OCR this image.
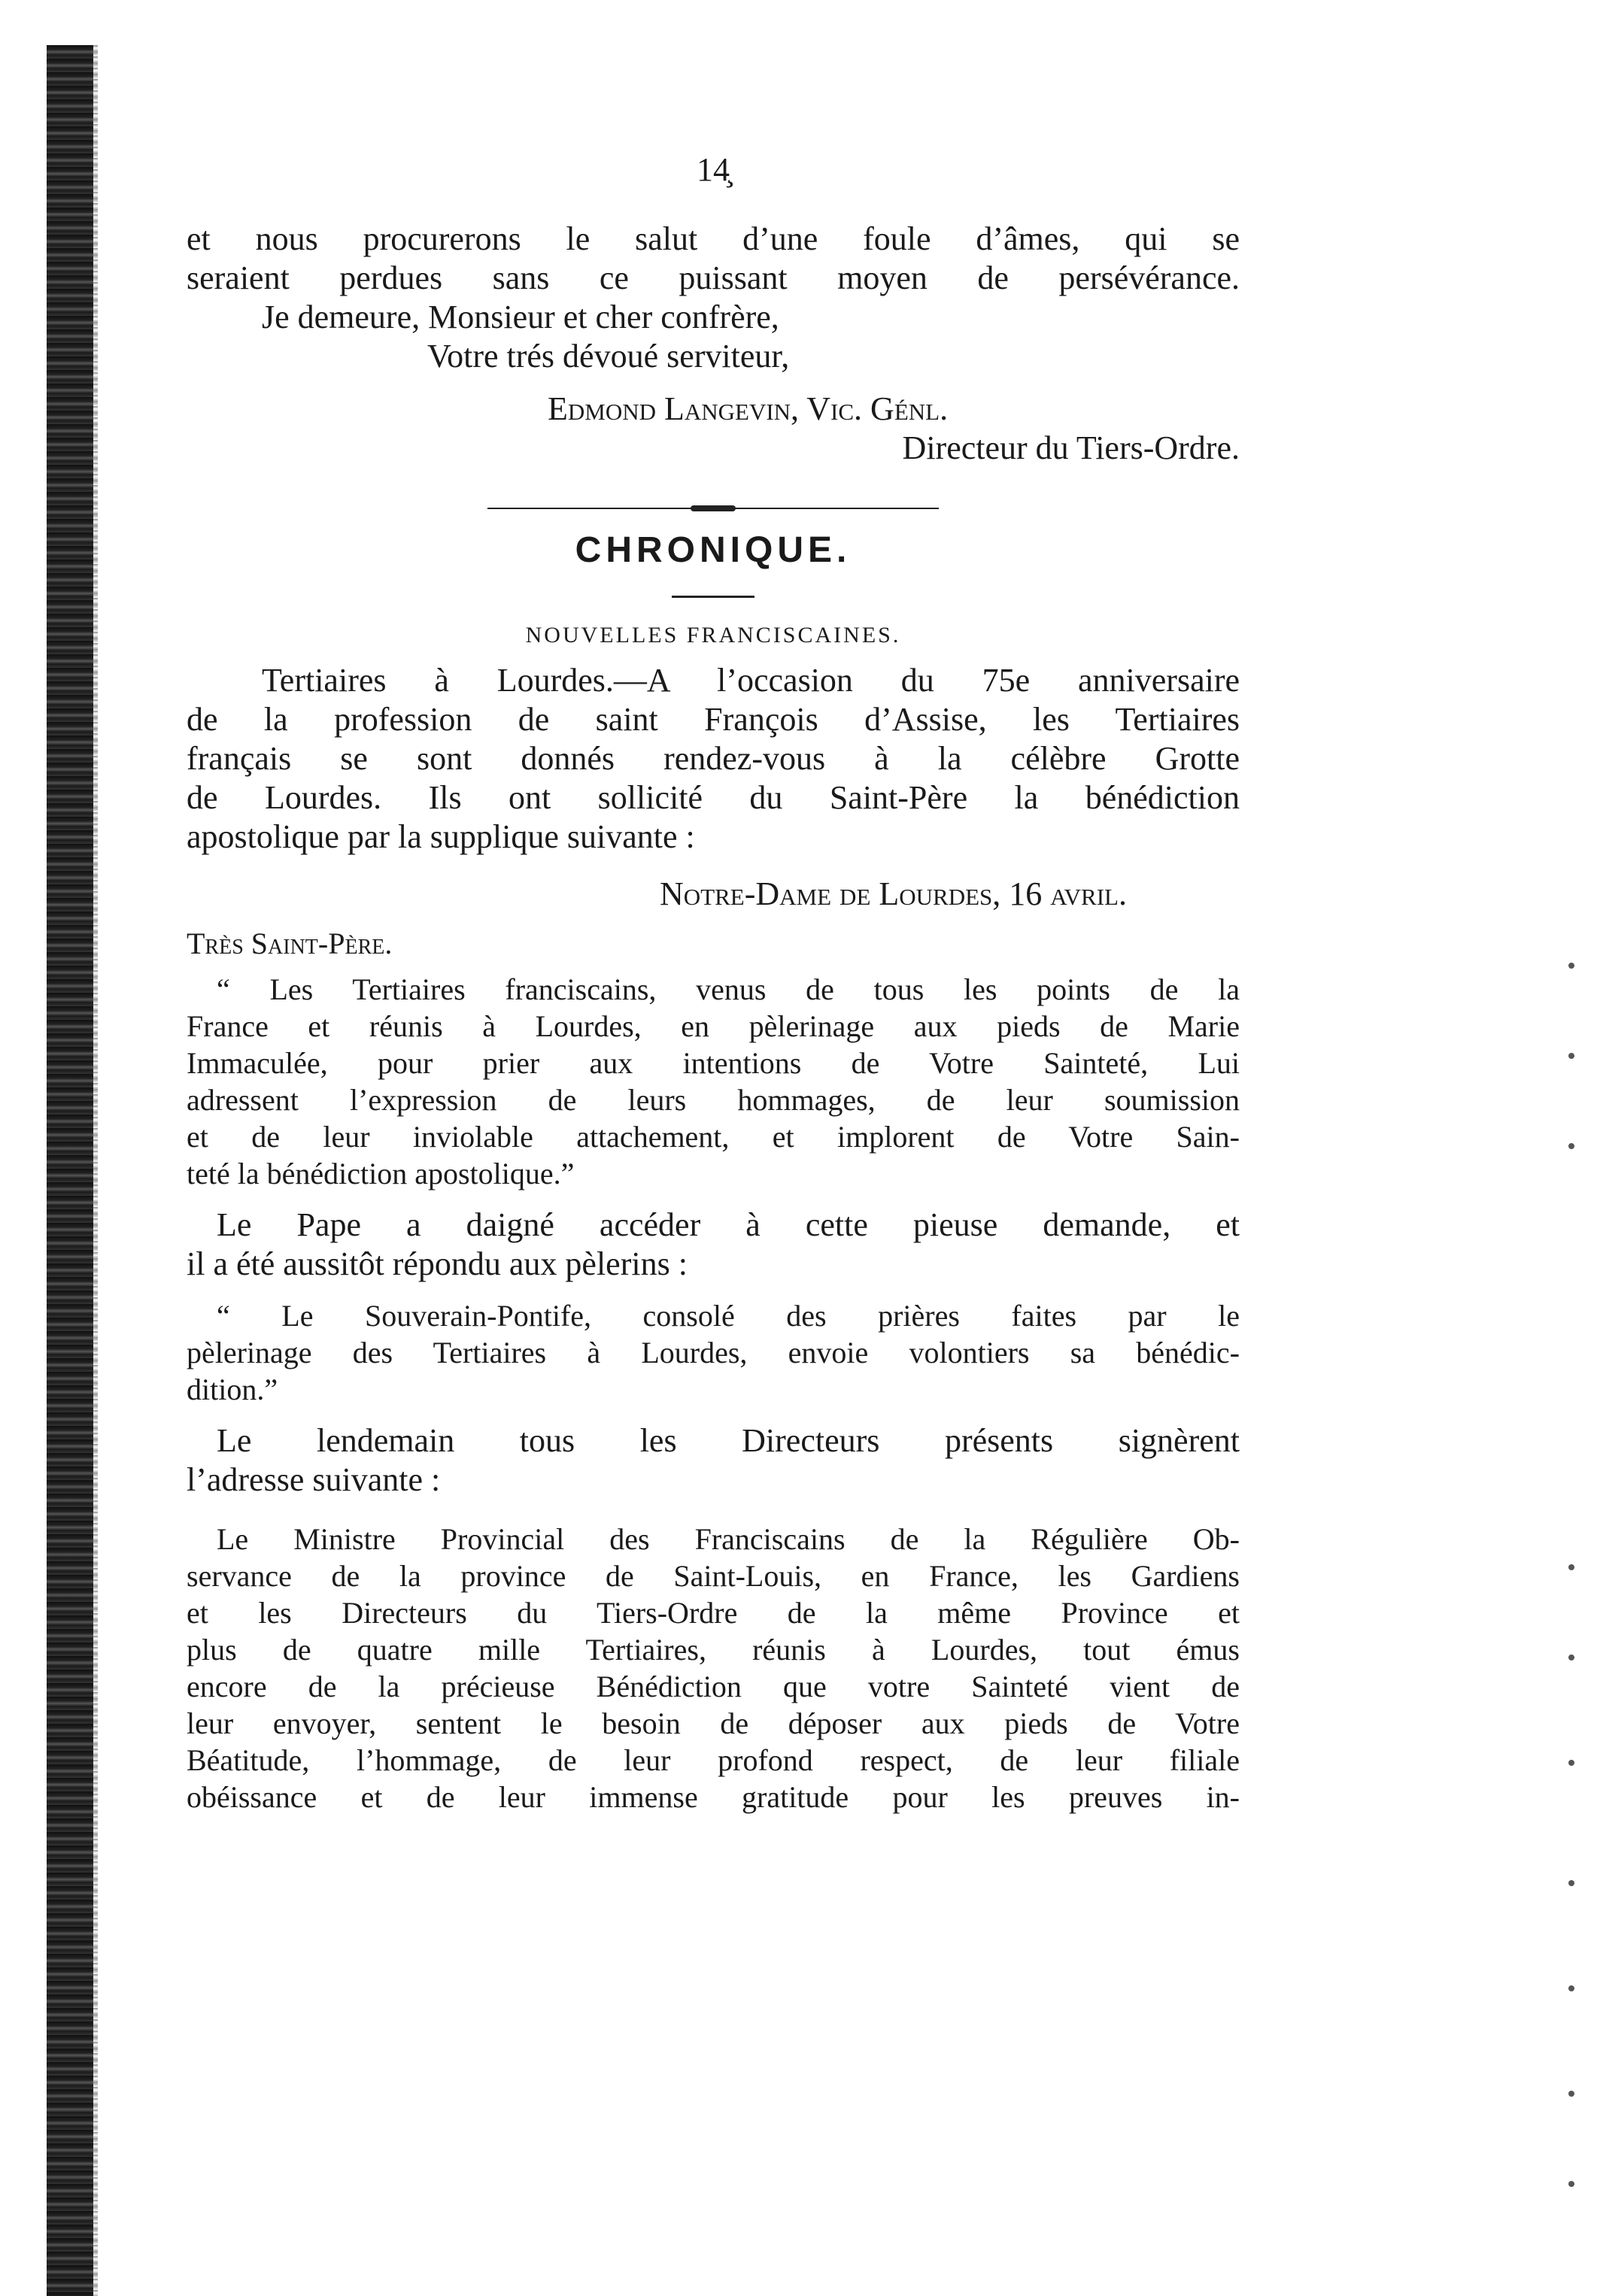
14̧
et nous procurerons le salut d’une foule d’âmes, qui se
seraient perdues sans ce puissant moyen de persévérance.
Je demeure, Monsieur et cher confrère,
Votre trés dévoué serviteur,
Edmond Langevin, Vic. Génl.
Directeur du Tiers-Ordre.
CHRONIQUE.
NOUVELLES FRANCISCAINES.
Tertiaires à Lourdes.—A l’occasion du 75e anniversaire
de la profession de saint François d’Assise, les Tertiaires
français se sont donnés rendez-vous à la célèbre Grotte
de Lourdes. Ils ont sollicité du Saint-Père la bénédiction
apostolique par la supplique suivante :
Notre-Dame de Lourdes, 16 avril.
Très Saint-Père.
“ Les Tertiaires franciscains, venus de tous les points de la
France et réunis à Lourdes, en pèlerinage aux pieds de Marie
Immaculée, pour prier aux intentions de Votre Sainteté, Lui
adressent l’expression de leurs hommages, de leur soumission
et de leur inviolable attachement, et implorent de Votre Sain-
teté la bénédiction apostolique.”
Le Pape a daigné accéder à cette pieuse demande, et
il a été aussitôt répondu aux pèlerins :
“ Le Souverain-Pontife, consolé des prières faites par le
pèlerinage des Tertiaires à Lourdes, envoie volontiers sa bénédic-
dition.”
Le lendemain tous les Directeurs présents signèrent
l’adresse suivante :
Le Ministre Provincial des Franciscains de la Régulière Ob-
servance de la province de Saint-Louis, en France, les Gardiens
et les Directeurs du Tiers-Ordre de la même Province et
plus de quatre mille Tertiaires, réunis à Lourdes, tout émus
encore de la précieuse Bénédiction que votre Sainteté vient de
leur envoyer, sentent le besoin de déposer aux pieds de Votre
Béatitude, l’hommage, de leur profond respect, de leur filiale
obéissance et de leur immense gratitude pour les preuves in-
